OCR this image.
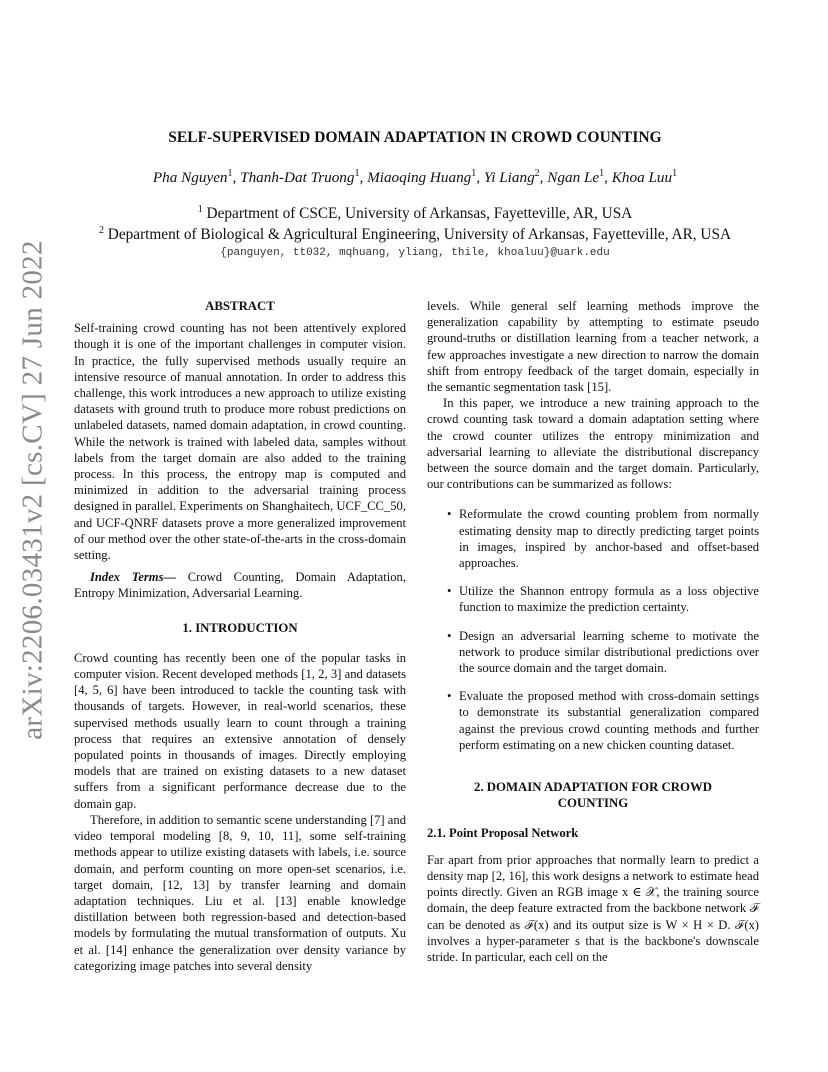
arXiv:2206.03431v2 [cs.CV] 27 Jun 2022
SELF-SUPERVISED DOMAIN ADAPTATION IN CROWD COUNTING
Pha Nguyen$^1$, Thanh-Dat Truong$^1$, Miaoqing Huang$^1$, Yi Liang$^2$, Ngan Le$^1$, Khoa Luu$^1$
$^1$ Department of CSCE, University of Arkansas, Fayetteville, AR, USA
$^2$ Department of Biological & Agricultural Engineering, University of Arkansas, Fayetteville, AR, USA
{panguyen, tt032, mqhuang, yliang, thile, khoaluu}@uark.edu

ABSTRACT

Self-training crowd counting has not been attentively explored though it is one of the important challenges in computer vision. In practice, the fully supervised methods usually require an intensive resource of manual annotation. In order to address this challenge, this work introduces a new approach to utilize existing datasets with ground truth to produce more robust predictions on unlabeled datasets, named domain adaptation, in crowd counting. While the network is trained with labeled data, samples without labels from the target domain are also added to the training process. In this process, the entropy map is computed and minimized in addition to the adversarial training process designed in parallel. Experiments on Shanghaitech, UCF_CC_50, and UCF-QNRF datasets prove a more generalized improvement of our method over the other state-of-the-arts in the cross-domain setting.

Index Terms— Crowd Counting, Domain Adaptation, Entropy Minimization, Adversarial Learning.

1. INTRODUCTION

Crowd counting has recently been one of the popular tasks in computer vision. Recent developed methods [1, 2, 3] and datasets [4, 5, 6] have been introduced to tackle the counting task with thousands of targets. However, in real-world scenarios, these supervised methods usually learn to count through a training process that requires an extensive annotation of densely populated points in thousands of images. Directly employing models that are trained on existing datasets to a new dataset suffers from a significant performance decrease due to the domain gap.

Therefore, in addition to semantic scene understanding [7] and video temporal modeling [8, 9, 10, 11], some self-training methods appear to utilize existing datasets with labels, i.e. source domain, and perform counting on more open-set scenarios, i.e. target domain, [12, 13] by transfer learning and domain adaptation techniques. Liu et al. [13] enable knowledge distillation between both regression-based and detection-based models by formulating the mutual transformation of outputs. Xu et al. [14] enhance the generalization over density variance by categorizing image patches into several density

levels. While general self learning methods improve the generalization capability by attempting to estimate pseudo ground-truths or distillation learning from a teacher network, a few approaches investigate a new direction to narrow the domain shift from entropy feedback of the target domain, especially in the semantic segmentation task [15].

In this paper, we introduce a new training approach to the crowd counting task toward a domain adaptation setting where the crowd counter utilizes the entropy minimization and adversarial learning to alleviate the distributional discrepancy between the source domain and the target domain. Particularly, our contributions can be summarized as follows:

• Reformulate the crowd counting problem from normally estimating density map to directly predicting target points in images, inspired by anchor-based and offset-based approaches.
• Utilize the Shannon entropy formula as a loss objective function to maximize the prediction certainty.
• Design an adversarial learning scheme to motivate the network to produce similar distributional predictions over the source domain and the target domain.
• Evaluate the proposed method with cross-domain settings to demonstrate its substantial generalization compared against the previous crowd counting methods and further perform estimating on a new chicken counting dataset.

2. DOMAIN ADAPTATION FOR CROWD

COUNTING

2.1. Point Proposal Network

Far apart from prior approaches that normally learn to predict a density map [2, 16], this work designs a network to estimate head points directly. Given an RGB image x ∈ 𝒳, the training source domain, the deep feature extracted from the backbone network ℱ can be denoted as ℱ(x) and its output size is W × H × D. ℱ(x) involves a hyper-parameter s that is the backbone's downscale stride. In particular, each cell on the
